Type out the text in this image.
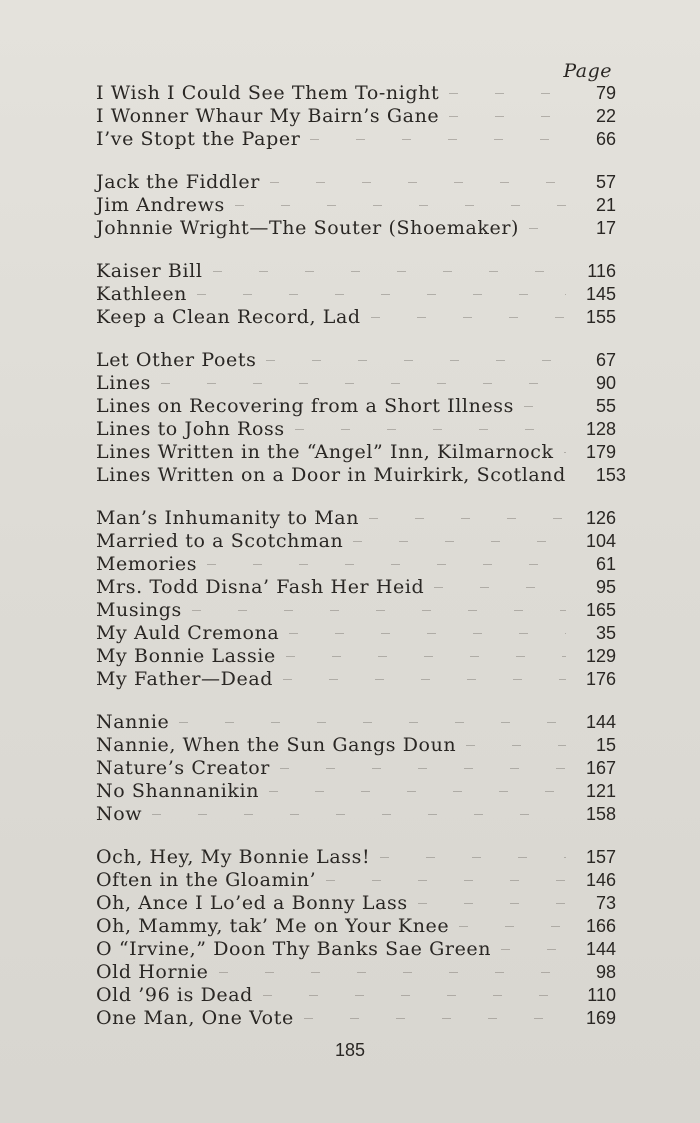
Page
I Wish I Could See Them To-night	79
I Wonner Whaur My Bairn’s Gane	22
I’ve Stopt the Paper	66
Jack the Fiddler	57
Jim Andrews	21
Johnnie Wright—The Souter (Shoemaker)	17
Kaiser Bill	116
Kathleen	145
Keep a Clean Record, Lad	155
Let Other Poets	67
Lines	90
Lines on Recovering from a Short Illness	55
Lines to John Ross	128
Lines Written in the “Angel” Inn, Kilmarnock	179
Lines Written on a Door in Muirkirk, Scotland	153
Man’s Inhumanity to Man	126
Married to a Scotchman	104
Memories	61
Mrs. Todd Disna’ Fash Her Heid	95
Musings	165
My Auld Cremona	35
My Bonnie Lassie	129
My Father—Dead	176
Nannie	144
Nannie, When the Sun Gangs Doun	15
Nature’s Creator	167
No Shannanikin	121
Now	158
Och, Hey, My Bonnie Lass!	157
Often in the Gloamin’	146
Oh, Ance I Lo’ed a Bonny Lass	73
Oh, Mammy, tak’ Me on Your Knee	166
O “Irvine,” Doon Thy Banks Sae Green	144
Old Hornie	98
Old ’96 is Dead	110
One Man, One Vote	169
185
